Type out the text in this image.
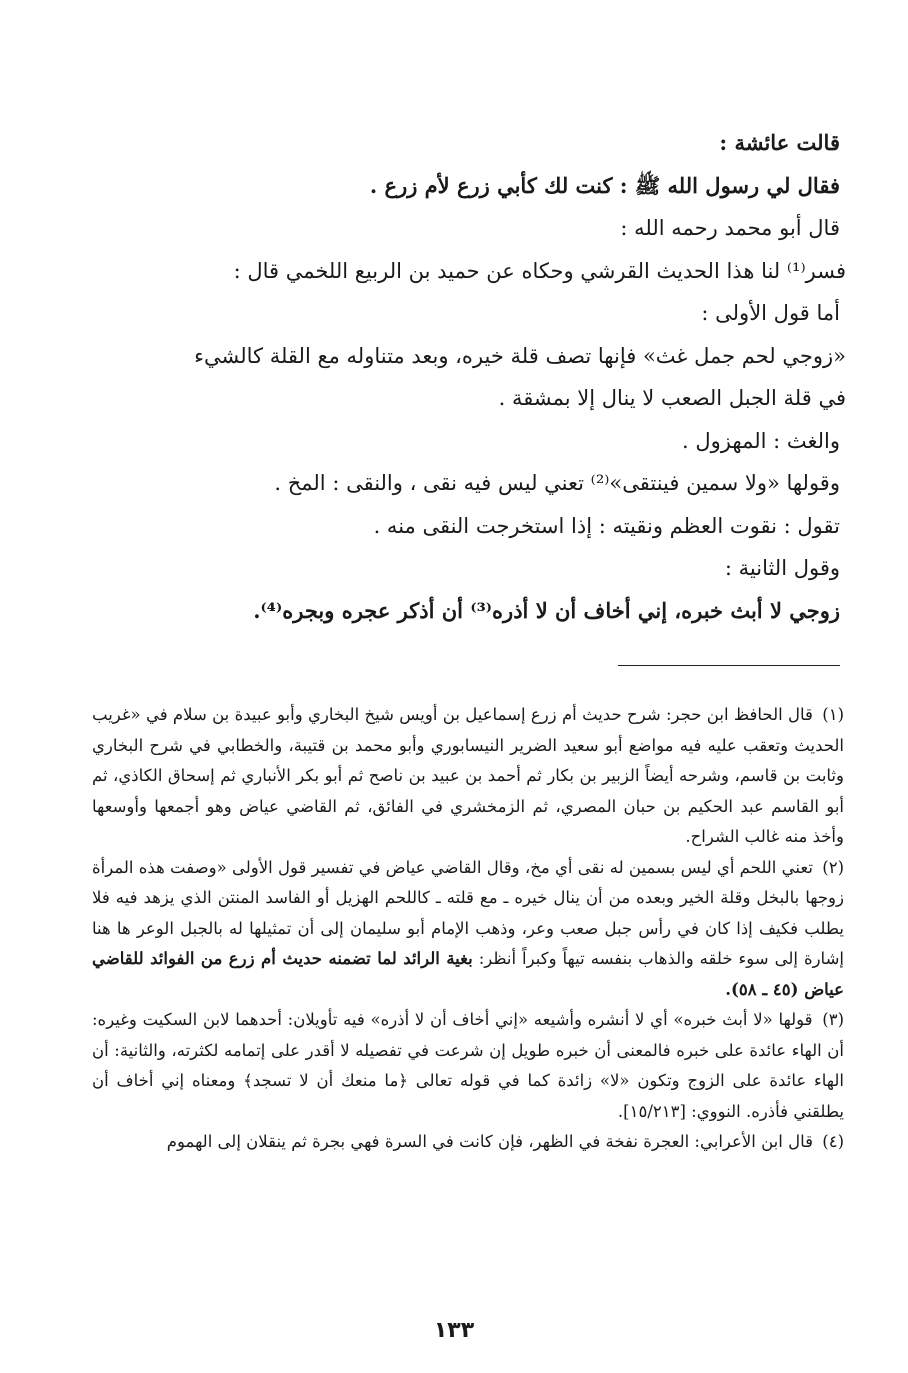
قالت عائشة :
فقال لي رسول الله ﷺ : كنت لك كأبي زرع لأم زرع .
قال أبو محمد رحمه الله :
فسر⁽¹⁾ لنا هذا الحديث القرشي وحكاه عن حميد بن الربيع اللخمي قال :
أما قول الأولى :
«زوجي لحم جمل غث» فإنها تصف قلة خيره، وبعد متناوله مع القلة كالشيء
في قلة الجبل الصعب لا ينال إلا بمشقة .
والغث : المهزول .
وقولها «ولا سمين فينتقى»⁽²⁾ تعني ليس فيه نقى ، والنقى : المخ .
تقول : نقوت العظم ونقيته : إذا استخرجت النقى منه .
وقول الثانية :
زوجي لا أبث خبره، إني أخاف أن لا أذره⁽³⁾ أن أذكر عجره وبجره⁽⁴⁾.

(١) قال الحافظ ابن حجر: شرح حديث أم زرع إسماعيل بن أويس شيخ البخاري وأبو عبيدة بن سلام في «غريب الحديث وتعقب عليه فيه مواضع أبو سعيد الضرير النيسابوري وأبو محمد بن قتيبة، والخطابي في شرح البخاري وثابت بن قاسم، وشرحه أيضاً الزبير بن بكار ثم أحمد بن عبيد بن ناصح ثم أبو بكر الأنباري ثم إسحاق الكاذي، ثم أبو القاسم عبد الحكيم بن حبان المصري، ثم الزمخشري في الفائق، ثم القاضي عياض وهو أجمعها وأوسعها وأخذ منه غالب الشراح.

(٢) تعني اللحم أي ليس بسمين له نقى أي مخ، وقال القاضي عياض في تفسير قول الأولى «وصفت هذه المرأة زوجها بالبخل وقلة الخير وبعده من أن ينال خيره ـ مع قلته ـ كاللحم الهزيل أو الفاسد المنتن الذي يزهد فيه فلا يطلب فكيف إذا كان في رأس جبل صعب وعر، وذهب الإمام أبو سليمان إلى أن تمثيلها له بالجبل الوعر ها هنا إشارة إلى سوء خلقه والذهاب بنفسه تيهاً وكبراً أنظر: بغية الرائد لما تضمنه حديث أم زرع من الفوائد للقاضي عياض (٤٥ ـ ٥٨).

(٣) قولها «لا أبث خبره» أي لا أنشره وأشيعه «إني أخاف أن لا أذره» فيه تأويلان: أحدهما لابن السكيت وغيره: أن الهاء عائدة على خبره فالمعنى أن خبره طويل إن شرعت في تفصيله لا أقدر على إتمامه لكثرته، والثانية: أن الهاء عائدة على الزوج وتكون «لا» زائدة كما في قوله تعالى ﴿ما منعك أن لا تسجد﴾ ومعناه إني أخاف أن يطلقني فأذره. النووي: [١٥/٢١٣].

(٤) قال ابن الأعرابي: العجرة نفخة في الظهر، فإن كانت في السرة فهي بجرة ثم ينقلان إلى الهموم

١٣٣
